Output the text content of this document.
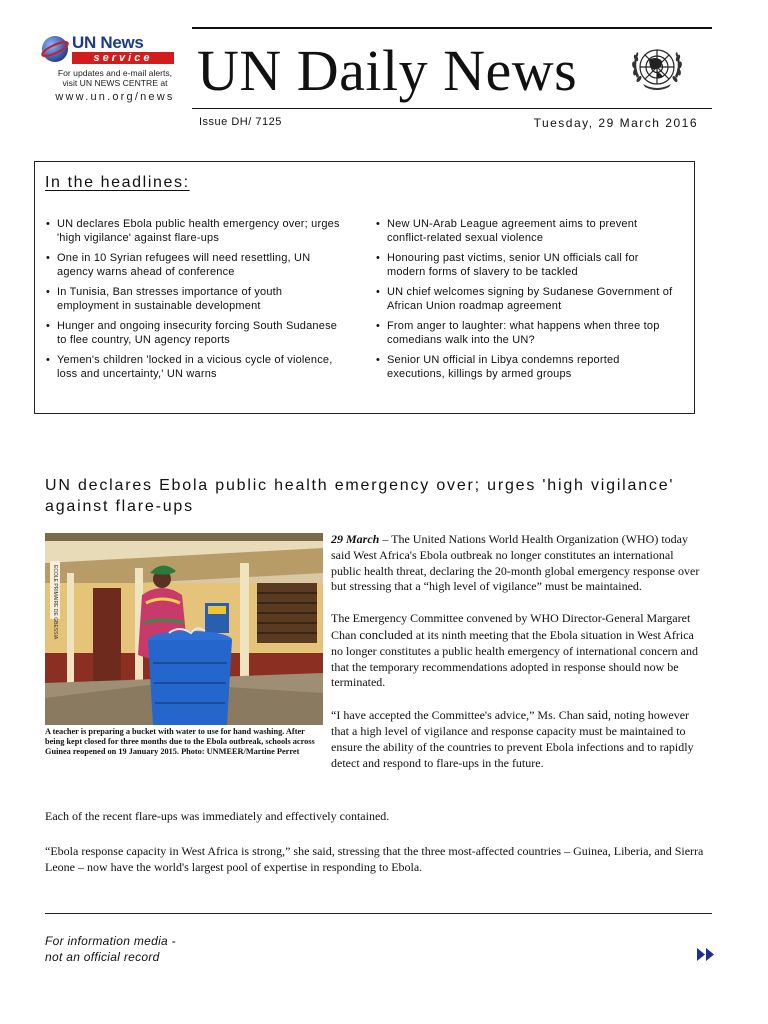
UN News
service
For updates and e-mail alerts,
visit UN NEWS CENTRE at
www.un.org/news UN Daily News
Issue DH/ 7125	Tuesday, 29 March 2016
In the headlines:
• UN declares Ebola public health emergency over; urges 'high vigilance' against flare-ups
• One in 10 Syrian refugees will need resettling, UN agency warns ahead of conference
• In Tunisia, Ban stresses importance of youth employment in sustainable development
• Hunger and ongoing insecurity forcing South Sudanese to flee country, UN agency reports
• Yemen's children 'locked in a vicious cycle of violence, loss and uncertainty,' UN warns
• New UN-Arab League agreement aims to prevent conflict-related sexual violence
• Honouring past victims, senior UN officials call for modern forms of slavery to be tackled
• UN chief welcomes signing by Sudanese Government of African Union roadmap agreement
• From anger to laughter: what happens when three top comedians walk into the UN?
• Senior UN official in Libya condemns reported executions, killings by armed groups
UN declares Ebola public health emergency over; urges 'high vigilance' against flare-ups
ECOLE PRIMAIRE DE GBESSIA
A teacher is preparing a bucket with water to use for hand washing. After being kept closed for three months due to the Ebola outbreak, schools across Guinea reopened on 19 January 2015. Photo: UNMEER/Martine Perret

29 March – The United Nations World Health Organization (WHO) today said West Africa's Ebola outbreak no longer constitutes an international public health threat, declaring the 20-month global emergency response over but stressing that a “high level of vigilance” must be maintained.

The Emergency Committee convened by WHO Director-General Margaret Chan concluded at its ninth meeting that the Ebola situation in West Africa no longer constitutes a public health emergency of international concern and that the temporary recommendations adopted in response should now be terminated.

“I have accepted the Committee's advice,” Ms. Chan said, noting however that a high level of vigilance and response capacity must be maintained to ensure the ability of the countries to prevent Ebola infections and to rapidly detect and respond to flare-ups in the future.

Each of the recent flare-ups was immediately and effectively contained.
“Ebola response capacity in West Africa is strong,” she said, stressing that the three most-affected countries – Guinea, Liberia, and Sierra Leone – now have the world's largest pool of expertise in responding to Ebola.
For information media -
not an official record
